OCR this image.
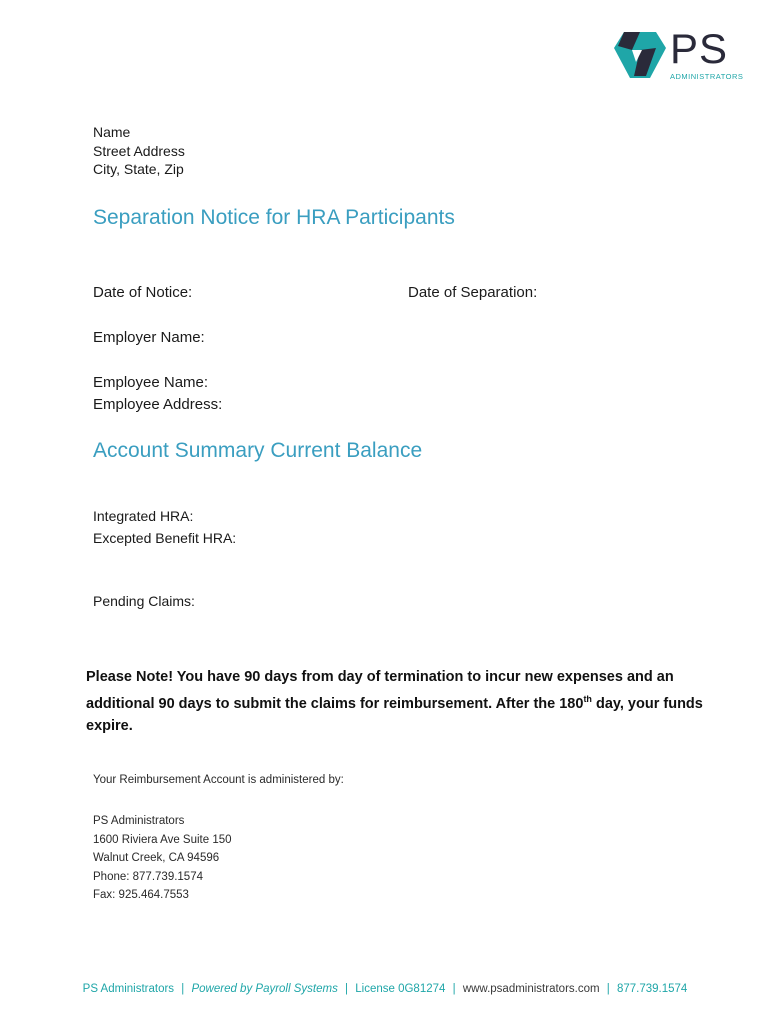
PS
ADMINISTRATORS
Name
Street Address
City, State, Zip
Separation Notice for HRA Participants
Date of Notice:	Date of Separation:
Employer Name:
Employee Name:
Employee Address:
Account Summary Current Balance
Integrated HRA:
Excepted Benefit HRA:
Pending Claims:
Please Note! You have 90 days from day of termination to incur new expenses and an additional 90 days to submit the claims for reimbursement. After the 180th day, your funds expire.
Your Reimbursement Account is administered by:
PS Administrators
1600 Riviera Ave Suite 150
Walnut Creek, CA 94596
Phone: 877.739.1574
Fax: 925.464.7553
PS Administrators | Powered by Payroll Systems | License 0G81274 | www.psadministrators.com | 877.739.1574
